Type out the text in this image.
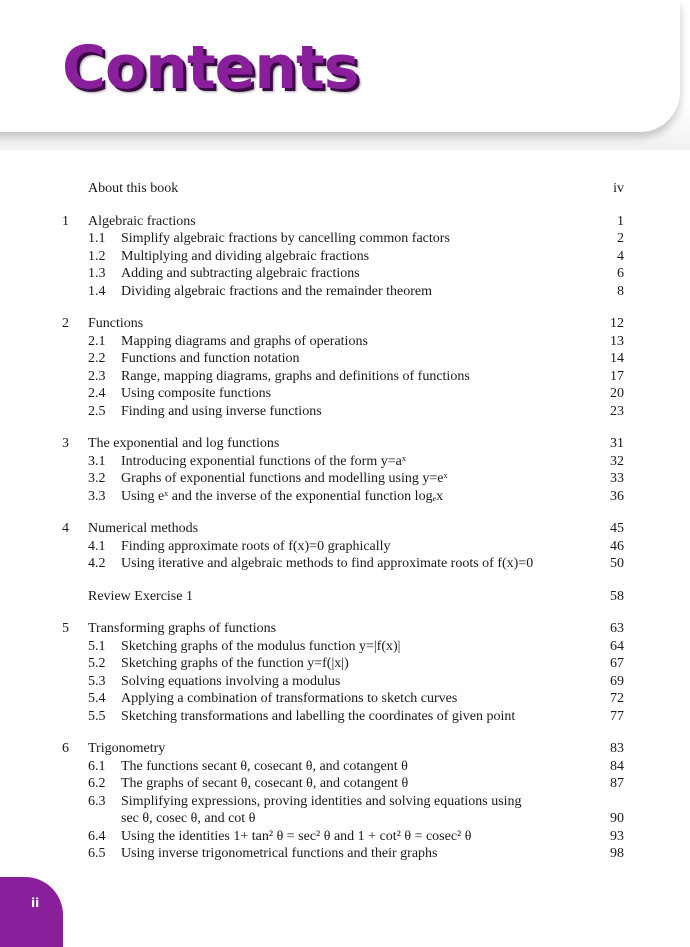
Contents
About this book	iv
1 Algebraic fractions	1
1.1 Simplify algebraic fractions by cancelling common factors	2
1.2 Multiplying and dividing algebraic fractions	4
1.3 Adding and subtracting algebraic fractions	6
1.4 Dividing algebraic fractions and the remainder theorem	8
2 Functions	12
2.1 Mapping diagrams and graphs of operations	13
2.2 Functions and function notation	14
2.3 Range, mapping diagrams, graphs and definitions of functions	17
2.4 Using composite functions	20
2.5 Finding and using inverse functions	23
3 The exponential and log functions	31
3.1 Introducing exponential functions of the form y=aˣ	32
3.2 Graphs of exponential functions and modelling using y=eˣ	33
3.3 Using eˣ and the inverse of the exponential function logₑx	36
4 Numerical methods	45
4.1 Finding approximate roots of f(x)=0 graphically	46
4.2 Using iterative and algebraic methods to find approximate roots of f(x)=0	50
Review Exercise 1	58
5 Transforming graphs of functions	63
5.1 Sketching graphs of the modulus function y=|f(x)|	64
5.2 Sketching graphs of the function y=f(|x|)	67
5.3 Solving equations involving a modulus	69
5.4 Applying a combination of transformations to sketch curves	72
5.5 Sketching transformations and labelling the coordinates of given point	77
6 Trigonometry	83
6.1 The functions secant θ, cosecant θ, and cotangent θ	84
6.2 The graphs of secant θ, cosecant θ, and cotangent θ	87
6.3 Simplifying expressions, proving identities and solving equations using
sec θ, cosec θ, and cot θ	90
6.4 Using the identities 1+ tan² θ = sec² θ and 1 + cot² θ = cosec² θ	93
6.5 Using inverse trigonometrical functions and their graphs	98
ii
